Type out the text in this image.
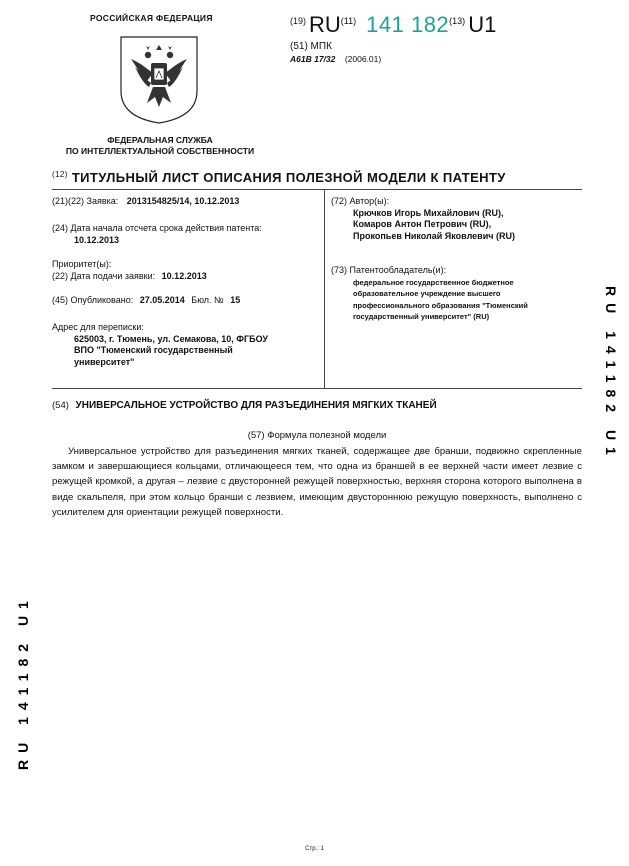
РОССИЙСКАЯ ФЕДЕРАЦИЯ
ФЕДЕРАЛЬНАЯ СЛУЖБА
ПО ИНТЕЛЛЕКТУАЛЬНОЙ СОБСТВЕННОСТИ
(19) RU (11) 141 182 (13) U1
(51) МПК
A61B 17/32 (2006.01)
$^{(12)}$ ТИТУЛЬНЫЙ ЛИСТ ОПИСАНИЯ ПОЛЕЗНОЙ МОДЕЛИ К ПАТЕНТУ
(21)(22) Заявка: 2013154825/14, 10.12.2013
(24) Дата начала отсчета срока действия патента:
10.12.2013
Приоритет(ы):
(22) Дата подачи заявки: 10.12.2013
(45) Опубликовано: 27.05.2014 Бюл. № 15
Адрес для переписки:
625003, г. Тюмень, ул. Семакова, 10, ФГБОУ
ВПО "Тюменский государственный
университет"
(72) Автор(ы):
Крючков Игорь Михайлович (RU),
Комаров Антон Петрович (RU),
Прокопьев Николай Яковлевич (RU)
(73) Патентообладатель(и):
федеральное государственное бюджетное
образовательное учреждение высшего
профессионального образования "Тюменский
государственный университет" (RU)
(54) УНИВЕРСАЛЬНОЕ УСТРОЙСТВО ДЛЯ РАЗЪЕДИНЕНИЯ МЯГКИХ ТКАНЕЙ
(57) Формула полезной модели

Универсальное устройство для разъединения мягких тканей, содержащее две бранши, подвижно скрепленные замком и завершающиеся кольцами, отличающееся тем, что одна из браншей в ее верхней части имеет лезвие с режущей кромкой, а другая – лезвие с двусторонней режущей поверхностью, верхняя сторона которого выполнена в виде скальпеля, при этом кольцо бранши с лезвием, имеющим двустороннюю режущую поверхность, выполнено с усилителем для ориентации режущей поверхности.

RU 141182 U1
RU 141182 U1
Стр.: 1
